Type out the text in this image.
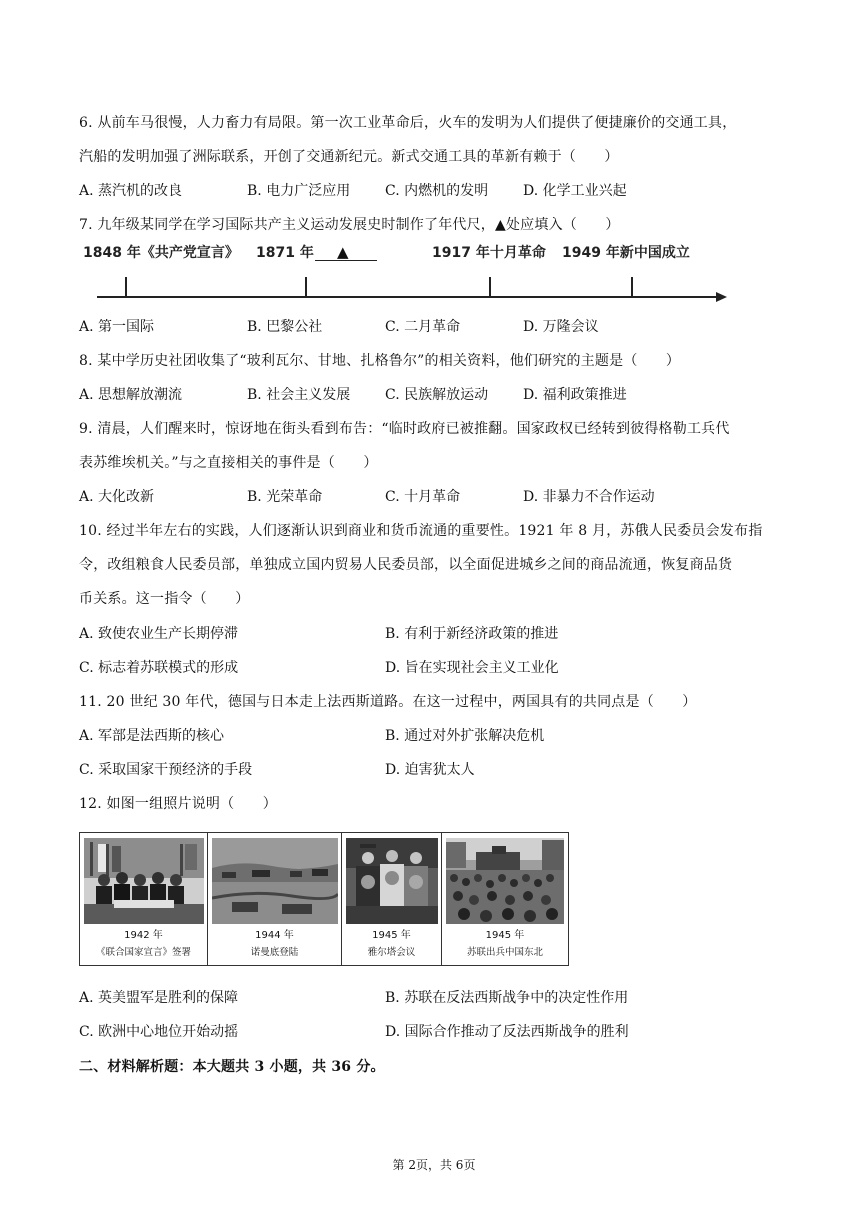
6. 从前车马很慢，人力畜力有局限。第一次工业革命后，火车的发明为人们提供了便捷廉价的交通工具，
汽船的发明加强了洲际联系，开创了交通新纪元。新式交通工具的革新有赖于（　　）
A. 蒸汽机的改良	B. 电力广泛应用 C. 内燃机的发明 D. 化学工业兴起
7. 九年级某同学在学习国际共产主义运动发展史时制作了年代尺，▲处应填入（　　）
1848 年《共产党宣言》 1871 年 ▲	1917 年十月革命 1949 年新中国成立
A. 第一国际	B. 巴黎公社	C. 二月革命	D. 万隆会议
8. 某中学历史社团收集了“玻利瓦尔、甘地、扎格鲁尔”的相关资料，他们研究的主题是（　　）
A. 思想解放潮流	B. 社会主义发展 C. 民族解放运动 D. 福利政策推进
9. 清晨，人们醒来时，惊讶地在街头看到布告：“临时政府已被推翻。国家政权已经转到彼得格勒工兵代
表苏维埃机关。”与之直接相关的事件是（　　）
A. 大化改新	B. 光荣革命	C. 十月革命	D. 非暴力不合作运动
10. 经过半年左右的实践，人们逐渐认识到商业和货币流通的重要性。1921 年 8 月，苏俄人民委员会发布指
令，改组粮食人民委员部，单独成立国内贸易人民委员部，以全面促进城乡之间的商品流通，恢复商品货
币关系。这一指令（　　）
A. 致使农业生产长期停滞	B. 有利于新经济政策的推进
C. 标志着苏联模式的形成	D. 旨在实现社会主义工业化
11. 20 世纪 30 年代，德国与日本走上法西斯道路。在这一过程中，两国具有的共同点是（　　）
A. 军部是法西斯的核心	B. 通过对外扩张解决危机
C. 采取国家干预经济的手段	D. 迫害犹太人
12. 如图一组照片说明（　　）
1942 年
《联合国家宣言》签署
1944 年
诺曼底登陆
1945 年
雅尔塔会议
1945 年
苏联出兵中国东北
A. 英美盟军是胜利的保障	B. 苏联在反法西斯战争中的决定性作用
C. 欧洲中心地位开始动摇	D. 国际合作推动了反法西斯战争的胜利
二、材料解析题：本大题共 3 小题，共 36 分。
第 2页，共 6页
